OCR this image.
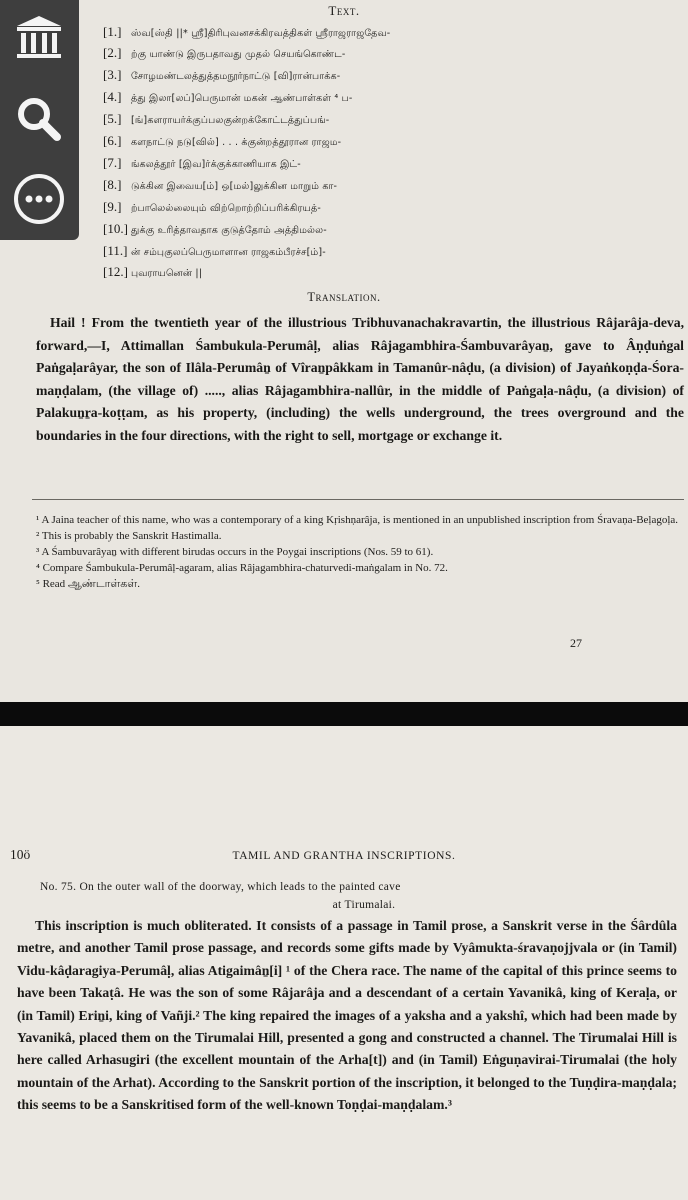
Text.
[1.] ஸ்வ[ஸ்தி ||* ஸ்ரீ]திரிபுவனசக்கிரவத்திகள் ஸ்ரீராஜராஜதேவ-
[2.] ற்கு யாண்டு இருபதாவது முதல் செயங்கொண்ட-
[3.] சோழமண்டலத்துத்தமநூர்நாட்டு [வி]ரான்பாக்க-
[4.] த்து இலா[லப்]பெருமான் மகன் ஆண்பாள்கள் ⁴ ப-
[5.] [ங்]களராயர்க்குப்பலகுன்றக்கோட்டத்துப்பங்-
[6.] களநாட்டு நடு[வில்] . . . க்குன்றத்தூரான ராஜம-
[7.] ங்கலத்தூர் [இவ]ர்க்குக்காணியாக இட்-
[8.] டுக்கின இவைய[ம்] ஒ[மல்]லுக்கின மாறும் கா-
[9.] ற்பாலெல்லையும் விற்றொற்றிப்பரிக்கிரயத்-
[10.] துக்கு உரித்தாவதாக குடுத்தோம் அத்திமல்ல-
[11.] ன் சம்புகுலப்பெருமாளான ராஜகம்பீரச்ச[ம்]-
[12.] புவராயனென் ||
Translation.

Hail ! From the twentieth year of the illustrious Tribhuvanachakravartin, the illustrious Râjarâja-deva, forward,—I, Attimallan Śambukula-Perumâḷ, alias Râjagambhira-Śambuvarâyaṉ, gave to Âṇḍuṅgal Paṅgaḷarâyar, the son of Ilâla-Perumâṉ of Vîraṉpâkkam in Tamanûr-nâḍu, (a division) of Jayaṅkoṇḍa-Śora-maṇḍalam, (the village of) ....., alias Râjagambhira-nallûr, in the middle of Paṅgaḷa-nâḍu, (a division) of Palakuṉṟa-koṭṭam, as his property, (including) the wells underground, the trees overground and the boundaries in the four directions, with the right to sell, mortgage or exchange it.

¹ A Jaina teacher of this name, who was a contemporary of a king Kṛishṇarâja, is mentioned in an unpublished inscription from Śravaṇa-Beḷagoḷa.
² This is probably the Sanskrit Hastimalla.
³ A Śambuvarâyaṉ with different birudas occurs in the Poygai inscriptions (Nos. 59 to 61).
⁴ Compare Śambukula-Perumâḷ-agaram, alias Râjagambhira-chaturvedi-maṅgalam in No. 72.
⁵ Read ஆண்டாள்கள்.
27
10ö	TAMIL AND GRANTHA INSCRIPTIONS.
No. 75. On the outer wall of the doorway, which leads to the painted cave
at Tirumalai.

This inscription is much obliterated. It consists of a passage in Tamil prose, a Sanskrit verse in the Śârdûla metre, and another Tamil prose passage, and records some gifts made by Vyâmukta-śravaṇojjvala or (in Tamil) Vidu-kâḍaragiya-Perumâḷ, alias Atigaimâṉ[i] ¹ of the Chera race. The name of the capital of this prince seems to have been Takaṭâ. He was the son of some Râjarâja and a descendant of a certain Yavanikâ, king of Keraḷa, or (in Tamil) Eriṉi, king of Vañji.² The king repaired the images of a yaksha and a yakshî, which had been made by Yavanikâ, placed them on the Tirumalai Hill, presented a gong and constructed a channel. The Tirumalai Hill is here called Arhasugiri (the excellent mountain of the Arha[t]) and (in Tamil) Eṅguṇavirai-Tirumalai (the holy mountain of the Arhat). According to the Sanskrit portion of the inscription, it belonged to the Tuṇḍira-maṇḍala; this seems to be a Sanskritised form of the well-known Toṇḍai-maṇḍalam.³
